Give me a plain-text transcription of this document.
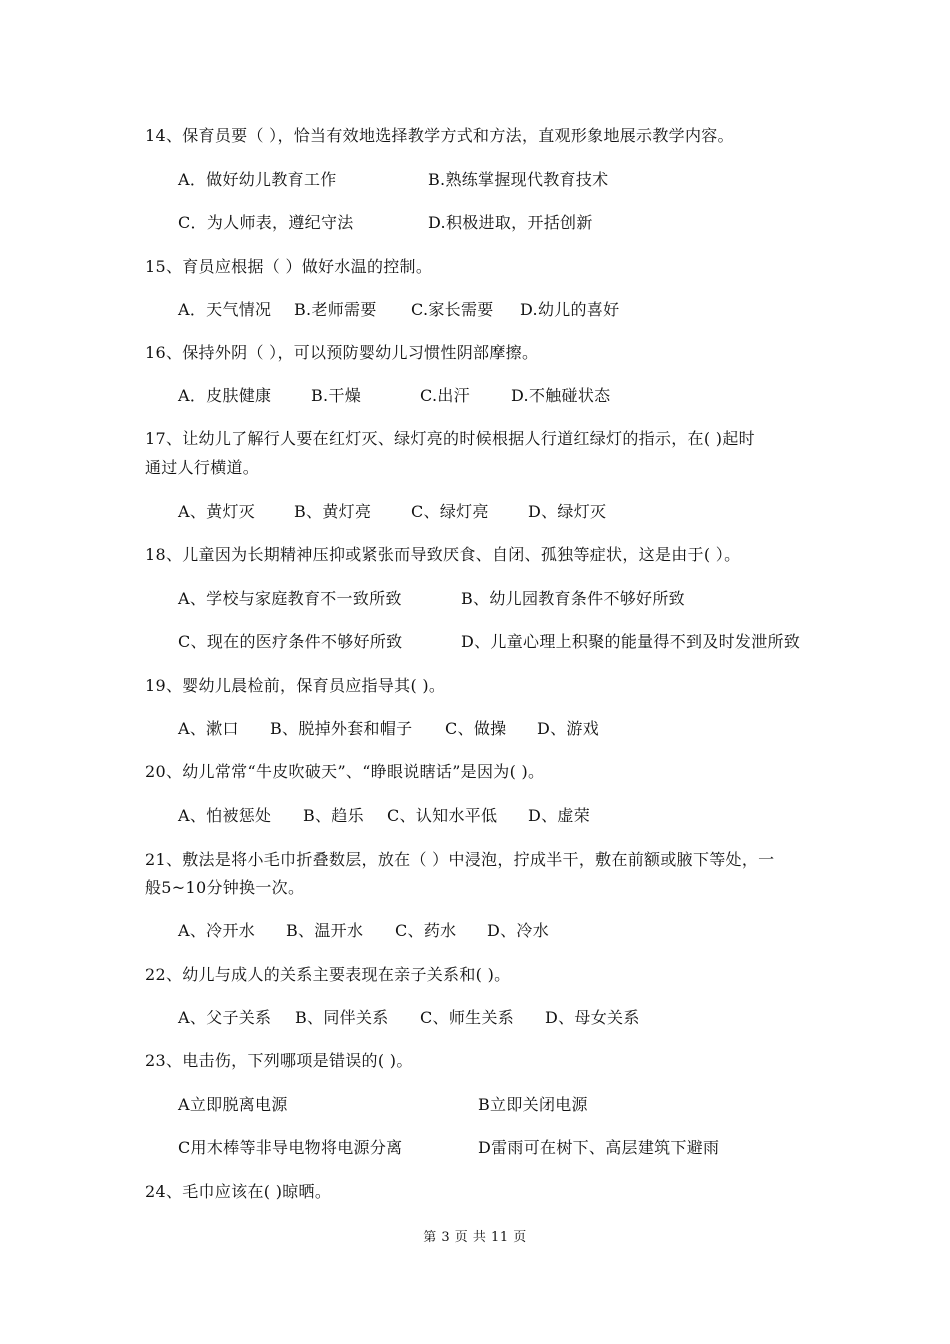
14、保育员要（ ），恰当有效地选择教学方式和方法，直观形象地展示教学内容。
A．做好幼儿教育工作	B.熟练掌握现代教育技术
C．为人师表，遵纪守法	D.积极进取，开括创新
15、育员应根据（ ）做好水温的控制。
A．天气情况 B.老师需要 C.家长需要 D.幼儿的喜好
16、保持外阴（ ），可以预防婴幼儿习惯性阴部摩擦。
A．皮肤健康 B.干燥	C.出汗	D.不触碰状态
17、让幼儿了解行人要在红灯灭、绿灯亮的时候根据人行道红绿灯的指示，在( )起时
通过人行横道。
A、黄灯灭 B、黄灯亮 C、绿灯亮 D、绿灯灭
18、儿童因为长期精神压抑或紧张而导致厌食、自闭、孤独等症状，这是由于( ）。
A、学校与家庭教育不一致所致	B、幼儿园教育条件不够好所致
C、现在的医疗条件不够好所致	D、儿童心理上积聚的能量得不到及时发泄所致
19、婴幼儿晨检前，保育员应指导其( )。
A、漱口 B、脱掉外套和帽子 C、做操 D、游戏
20、幼儿常常“牛皮吹破天”、“睁眼说瞎话”是因为( )。
A、怕被惩处 B、趋乐 C、认知水平低 D、虚荣
21、敷法是将小毛巾折叠数层，放在（ ）中浸泡，拧成半干，敷在前额或腋下等处，一
般5~10分钟换一次。
A、冷开水 B、温开水 C、药水 D、冷水
22、幼儿与成人的关系主要表现在亲子关系和( )。
A、父子关系 B、同伴关系 C、师生关系 D、母女关系
23、电击伤，下列哪项是错误的( )。
A立即脱离电源	B立即关闭电源
C用木棒等非导电物将电源分离	D雷雨可在树下、高层建筑下避雨
24、毛巾应该在( )晾晒。
第 3 页 共 11 页
